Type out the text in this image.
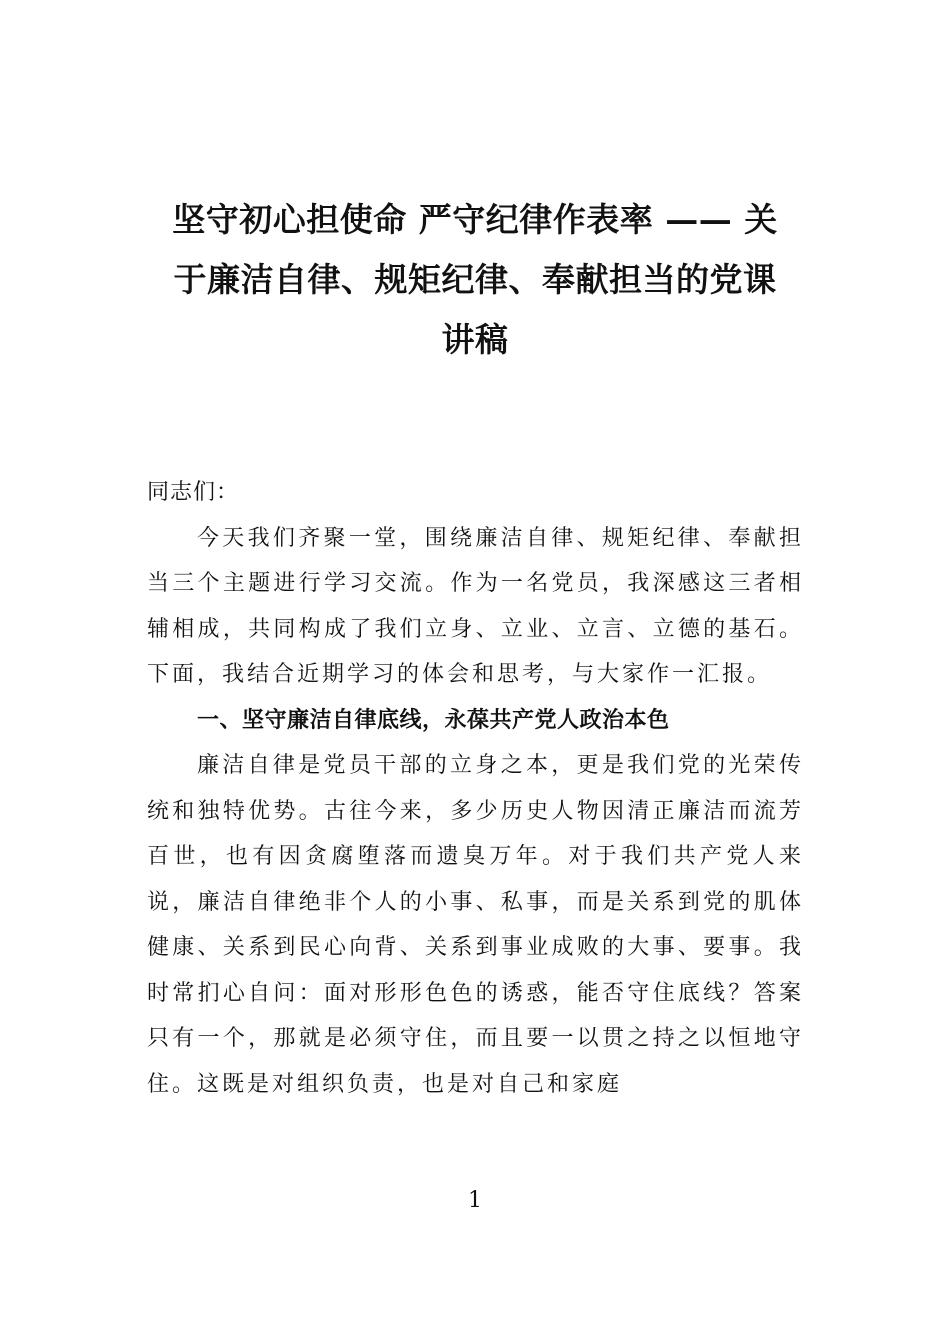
坚守初心担使命 严守纪律作表率 —— 关
于廉洁自律、规矩纪律、奉献担当的党课
讲稿

同志们：

今天我们齐聚一堂，围绕廉洁自律、规矩纪律、奉献担当三个主题进行学习交流。作为一名党员，我深感这三者相辅相成，共同构成了我们立身、立业、立言、立德的基石。下面，我结合近期学习的体会和思考，与大家作一汇报。

一、坚守廉洁自律底线，永葆共产党人政治本色

廉洁自律是党员干部的立身之本，更是我们党的光荣传统和独特优势。古往今来，多少历史人物因清正廉洁而流芳百世，也有因贪腐堕落而遗臭万年。对于我们共产党人来说，廉洁自律绝非个人的小事、私事，而是关系到党的肌体健康、关系到民心向背、关系到事业成败的大事、要事。我时常扪心自问：面对形形色色的诱惑，能否守住底线？答案只有一个，那就是必须守住，而且要一以贯之持之以恒地守住。这既是对组织负责，也是对自己和家庭

1
